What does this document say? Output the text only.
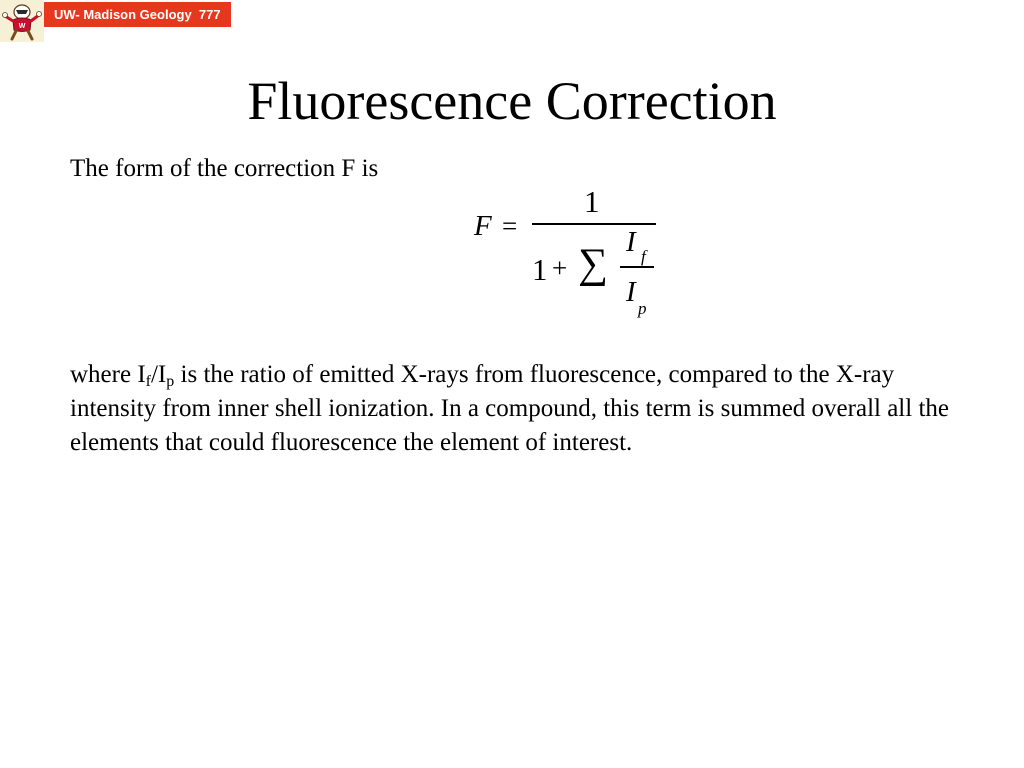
W
UW- Madison Geology  777
Fluorescence Correction
The form of the correction F is
F =
1
1 + ∑ I f
I
p
where $I_f/I_p$ is the ratio of emitted X-rays from fluorescence, compared to the X-ray intensity from inner shell ionization. In a compound, this term is summed overall all the elements that could fluorescence the element of interest.
